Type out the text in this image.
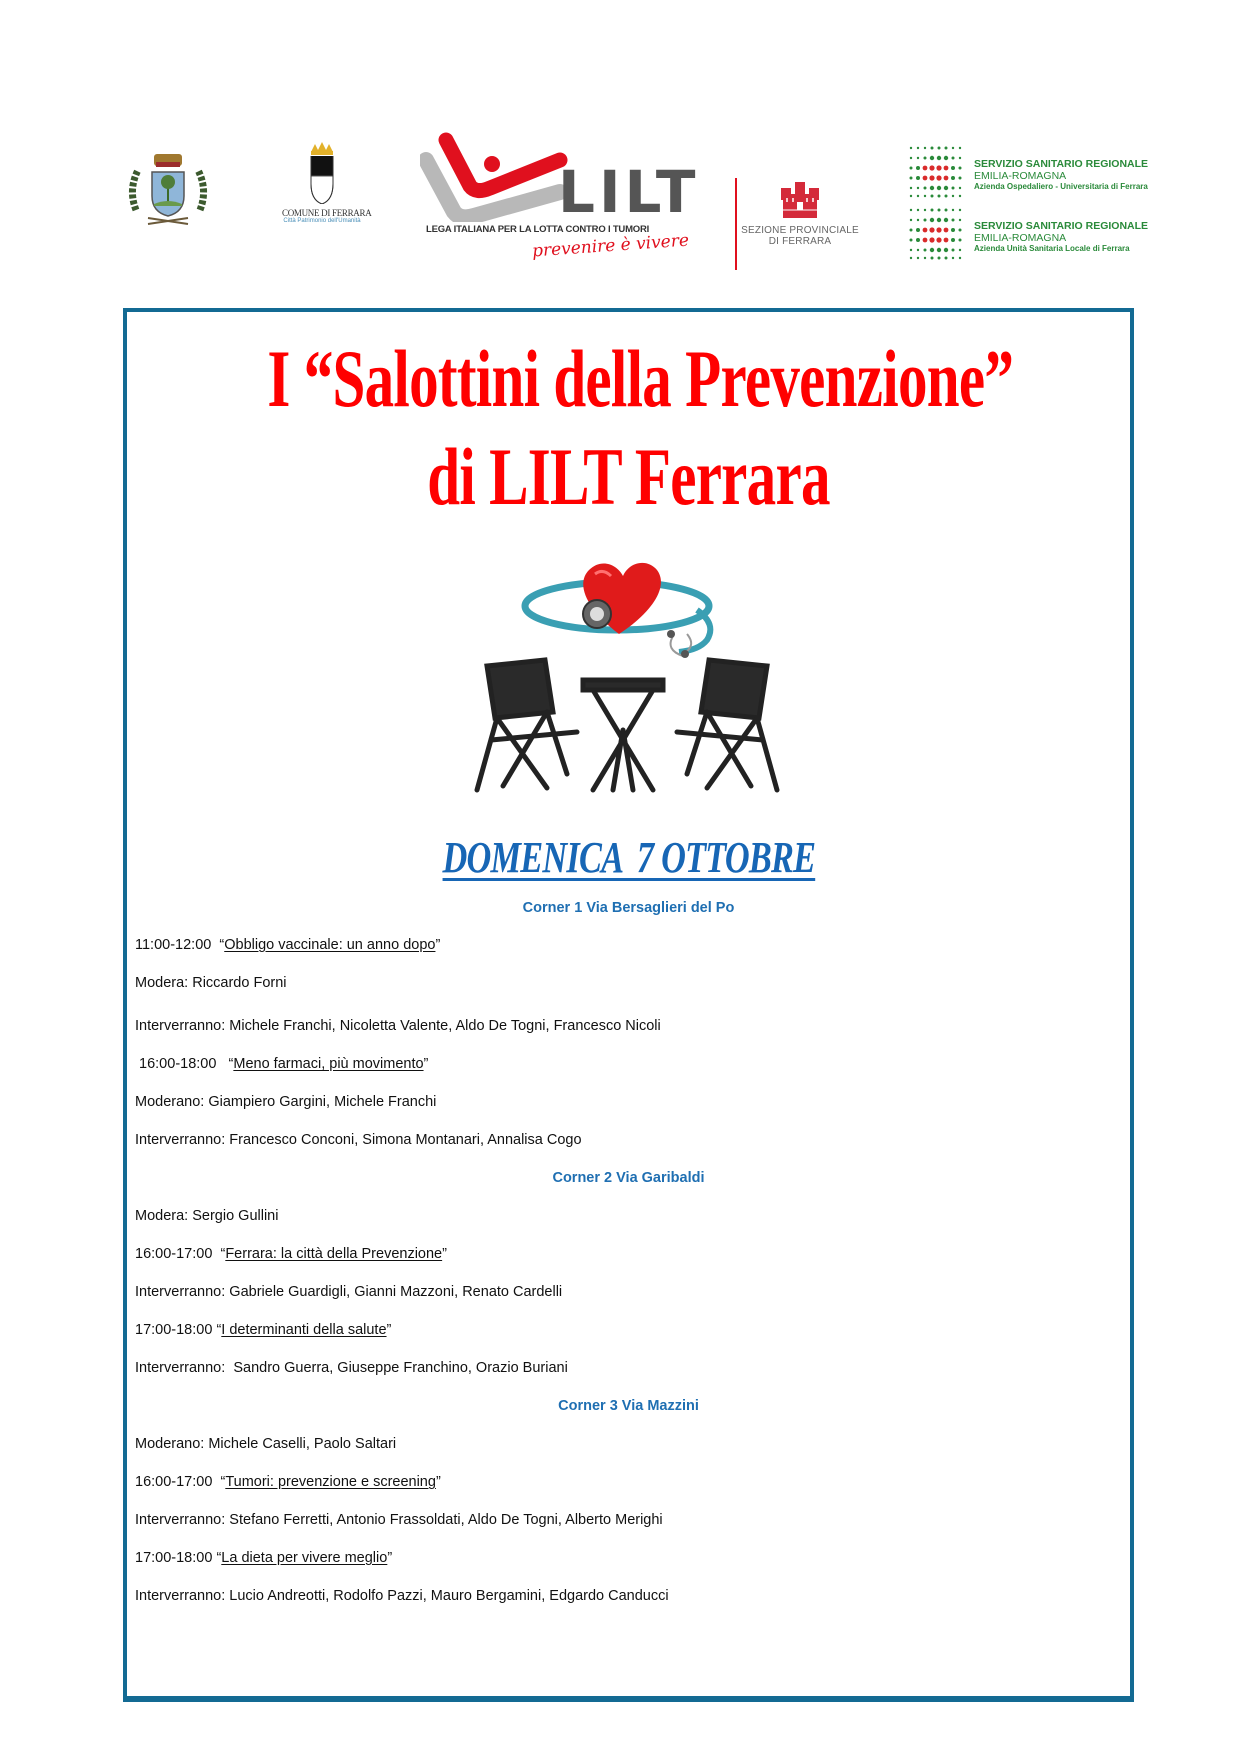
COMUNE DI FERRARA
Città Patrimonio dell'Umanità	LILT
LEGA ITALIANA PER LA LOTTA CONTRO I TUMORI
prevenire è vivere
SEZIONE PROVINCIALE
DI FERRARA
SERVIZIO SANITARIO REGIONALE
EMILIA-ROMAGNA
Azienda Ospedaliero - Universitaria di Ferrara
SERVIZIO SANITARIO REGIONALE
EMILIA-ROMAGNA
Azienda Unità Sanitaria Locale di Ferrara
I “Salottini della Prevenzione”
di LILT Ferrara
DOMENICA  7 OTTOBRE
Corner 1 Via Bersaglieri del Po
11:00-12:00  “Obbligo vaccinale: un anno dopo”
Modera: Riccardo Forni
Interverranno: Michele Franchi, Nicoletta Valente, Aldo De Togni, Francesco Nicoli
16:00-18:00   “Meno farmaci, più movimento”
Moderano: Giampiero Gargini, Michele Franchi
Interverranno: Francesco Conconi, Simona Montanari, Annalisa Cogo
Corner 2 Via Garibaldi
Modera: Sergio Gullini
16:00-17:00  “Ferrara: la città della Prevenzione”
Interverranno: Gabriele Guardigli, Gianni Mazzoni, Renato Cardelli
17:00-18:00 “I determinanti della salute”
Interverranno:  Sandro Guerra, Giuseppe Franchino, Orazio Buriani
Corner 3 Via Mazzini
Moderano: Michele Caselli, Paolo Saltari
16:00-17:00  “Tumori: prevenzione e screening”
Interverranno: Stefano Ferretti, Antonio Frassoldati, Aldo De Togni, Alberto Merighi
17:00-18:00 “La dieta per vivere meglio”
Interverranno: Lucio Andreotti, Rodolfo Pazzi, Mauro Bergamini, Edgardo Canducci
